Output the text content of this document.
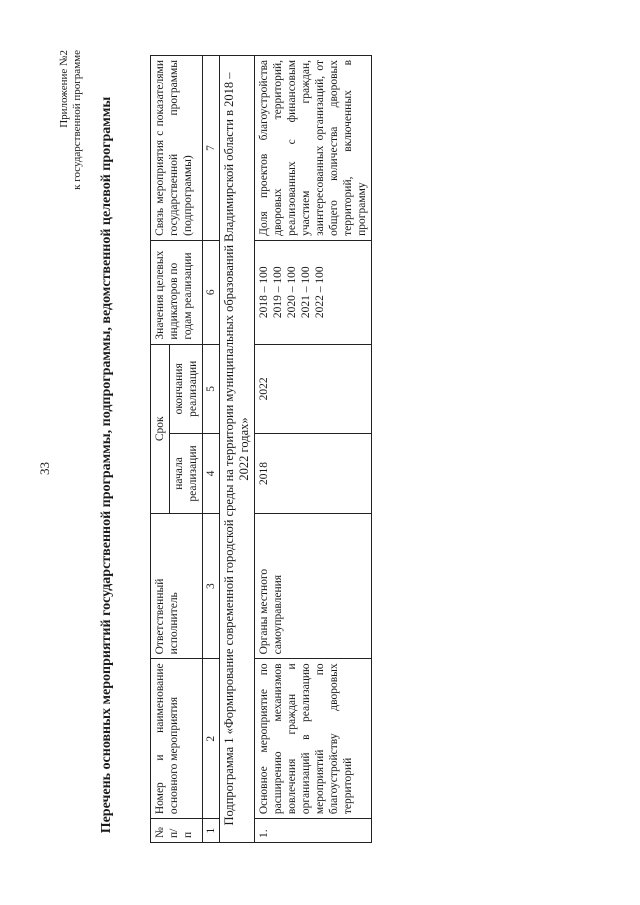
33
Приложение №2 к государственной программе Перечень основных мероприятий государственной программы, подпрограммы, ведомственной целевой программы	№ п/п	Номер и наименование основного мероприятия	Ответственный исполнитель	Срок		Значения целевых индикаторов по годам реализации	Связь мероприятия с показателями государственной программы (подпрограммы)
			начала реализации	окончания реализации		
1	2	3	4	5	6	7
Подпрограмма 1 «Формирование современной городской среды на территории муниципальных образований Владимирской области в 2018 – 2022 годах»						
1.	Основное мероприятие по расширению механизмов вовлечения граждан и организаций в реализацию мероприятий по благоустройству дворовых территорий	Органы местного самоуправления	2018	2022	2018 – 100 2019 – 100 2020 – 100 2021 – 100 2022 – 100	Доля проектов благоустройства дворовых территорий, реализованных с финансовым участием граждан, заинтересованных организаций, от общего количества дворовых территорий, включенных в программу
